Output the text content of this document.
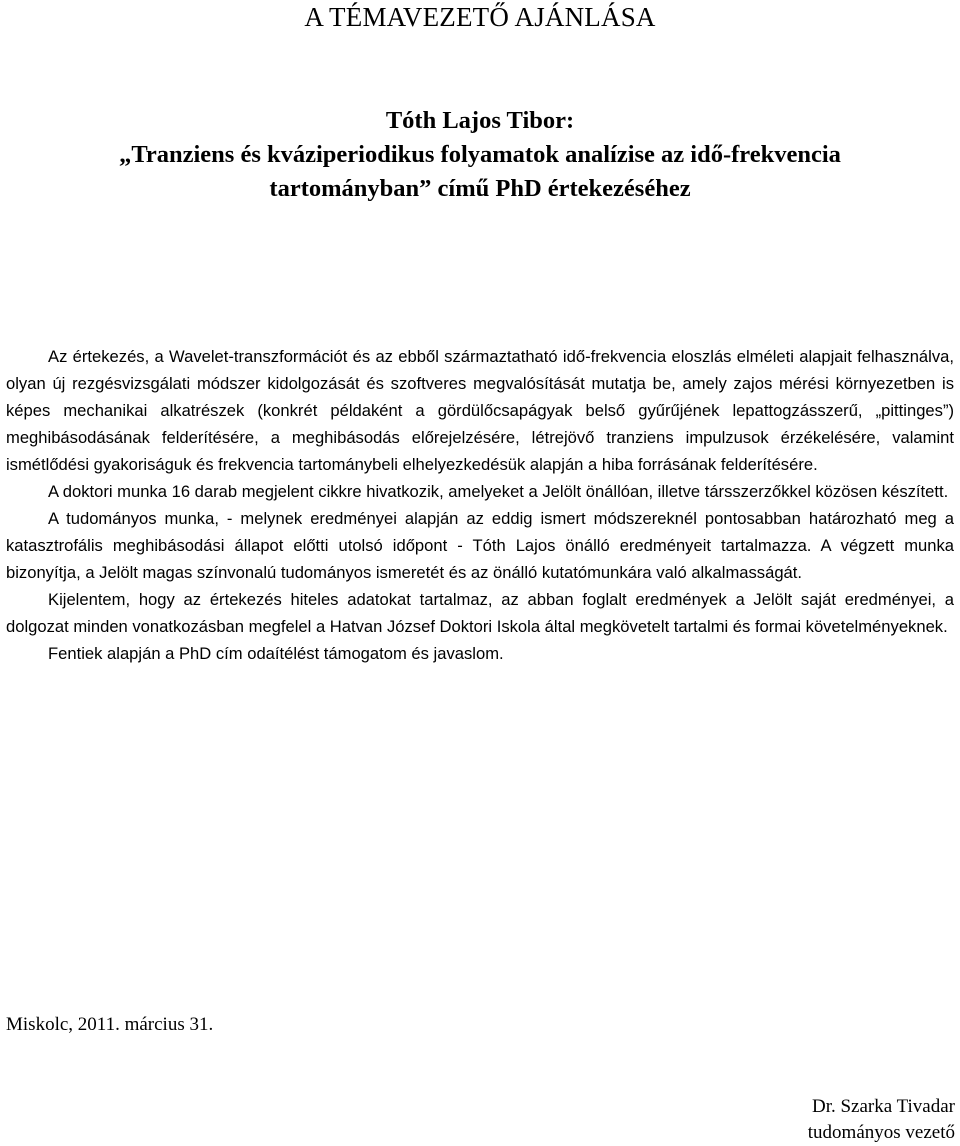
A TÉMAVEZETŐ AJÁNLÁSA
Tóth Lajos Tibor:
„Tranziens és kváziperiodikus folyamatok analízise az idő-frekvencia
tartományban” című PhD értekezéséhez

Az értekezés, a Wavelet-transzformációt és az ebből származtatható idő-frekvencia eloszlás elméleti alapjait felhasználva, olyan új rezgésvizsgálati módszer kidolgozását és szoftveres megvalósítását mutatja be, amely zajos mérési környezetben is képes mechanikai alkatrészek (konkrét példaként a gördülőcsapágyak belső gyűrűjének lepattogzásszerű, „pittinges”) meghibásodásának felderítésére, a meghibásodás előrejelzésére, létrejövő tranziens impulzusok érzékelésére, valamint ismétlődési gyakoriságuk és frekvencia tartománybeli elhelyezkedésük alapján a hiba forrásának felderítésére.

A doktori munka 16 darab megjelent cikkre hivatkozik, amelyeket a Jelölt önállóan, illetve társszerzőkkel közösen készített.

A tudományos munka, - melynek eredményei alapján az eddig ismert módszereknél pontosabban határozható meg a katasztrofális meghibásodási állapot előtti utolsó időpont - Tóth Lajos önálló eredményeit tartalmazza. A végzett munka bizonyítja, a Jelölt magas színvonalú tudományos ismeretét és az önálló kutatómunkára való alkalmasságát.

Kijelentem, hogy az értekezés hiteles adatokat tartalmaz, az abban foglalt eredmények a Jelölt saját eredményei, a dolgozat minden vonatkozásban megfelel a Hatvan József Doktori Iskola által megkövetelt tartalmi és formai követelményeknek.

Fentiek alapján a PhD cím odaítélést támogatom és javaslom.

Miskolc, 2011. március 31.
Dr. Szarka Tivadar
tudományos vezető
